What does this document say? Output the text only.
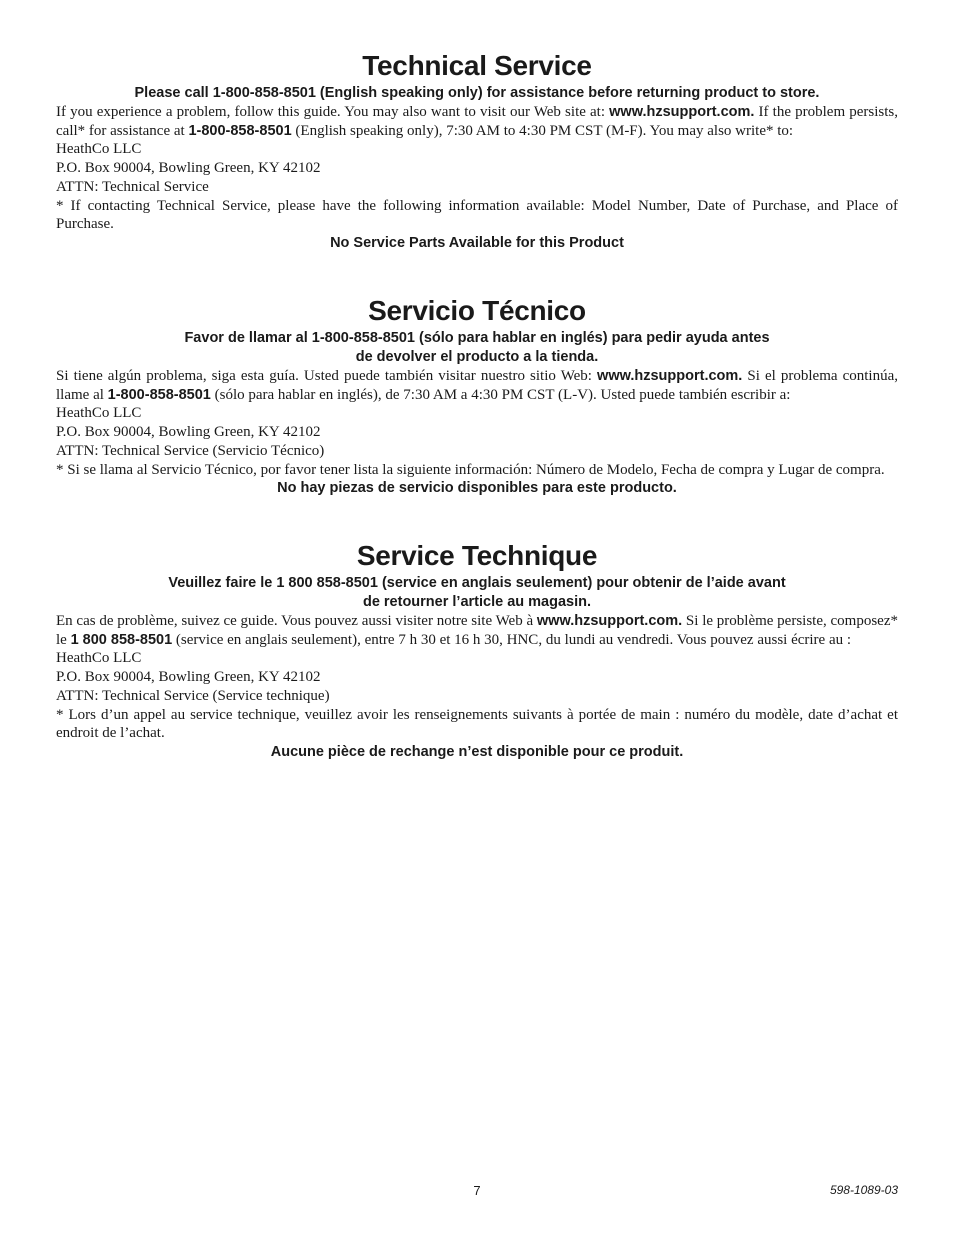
Technical Service

Please call 1-800-858-8501 (English speaking only) for assistance before returning product to store.

If you experience a problem, follow this guide. You may also want to visit our Web site at: www.hzsupport.com. If the problem persists, call* for assistance at 1-800-858-8501 (English speaking only), 7:30 AM to 4:30 PM CST (M-F). You may also write* to:

HeathCo LLC

P.O. Box 90004, Bowling Green, KY 42102

ATTN: Technical Service

* If contacting Technical Service, please have the following information available: Model Number, Date of Purchase, and Place of Purchase.

No Service Parts Available for this Product

Servicio Técnico

Favor de llamar al 1-800-858-8501 (sólo para hablar en inglés) para pedir ayuda antes
de devolver el producto a la tienda.

Si tiene algún problema, siga esta guía. Usted puede también visitar nuestro sitio Web: www.hzsupport.com. Si el problema continúa, llame al 1-800-858-8501 (sólo para hablar en inglés), de 7:30 AM a 4:30 PM CST (L-V). Usted puede también escribir a:

HeathCo LLC

P.O. Box 90004, Bowling Green, KY 42102

ATTN: Technical Service (Servicio Técnico)

* Si se llama al Servicio Técnico, por favor tener lista la siguiente información: Número de Modelo, Fecha de compra y Lugar de compra.

No hay piezas de servicio disponibles para este producto.

Service Technique

Veuillez faire le 1 800 858-8501 (service en anglais seulement) pour obtenir de l’aide avant
de retourner l’article au magasin.

En cas de problème, suivez ce guide. Vous pouvez aussi visiter notre site Web à www.hzsupport.com. Si le problème persiste, composez* le 1 800 858-8501 (service en anglais seulement), entre 7 h 30 et 16 h 30, HNC, du lundi au vendredi. Vous pouvez aussi écrire au :

HeathCo LLC

P.O. Box 90004, Bowling Green, KY 42102

ATTN: Technical Service (Service technique)

* Lors d’un appel au service technique, veuillez avoir les renseignements suivants à portée de main : numéro du modèle, date d’achat et endroit de l’achat.

Aucune pièce de rechange n’est disponible pour ce produit.

7	598-1089-03
